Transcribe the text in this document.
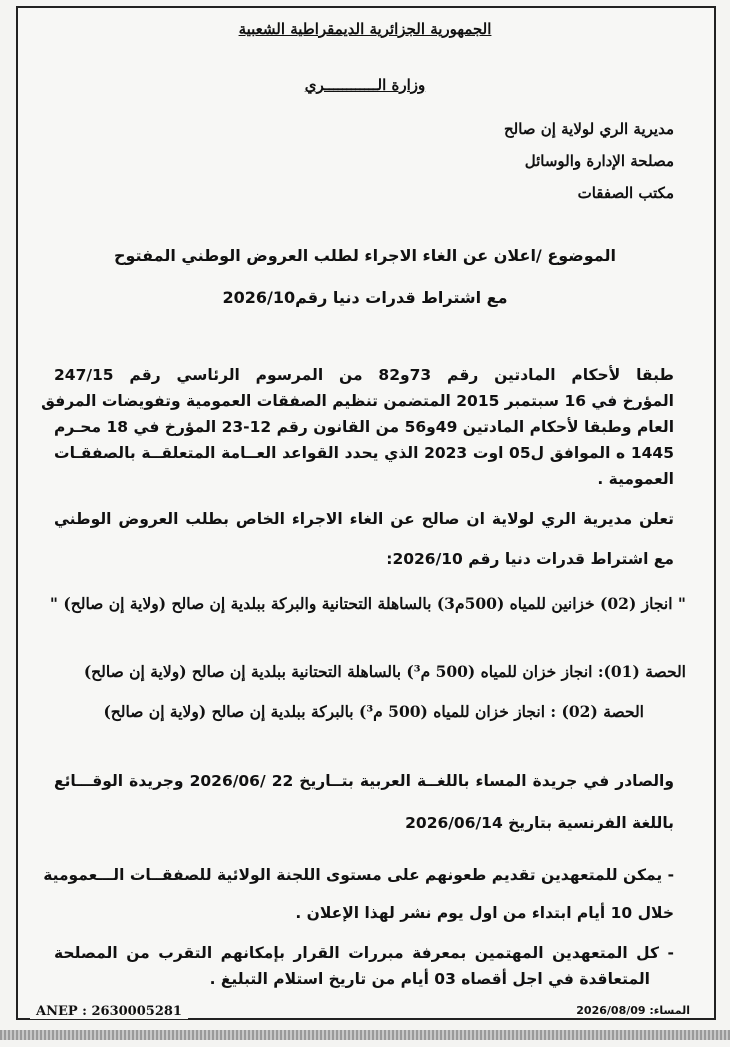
الجمهورية الجزائرية الديمقراطية الشعبية
وزارة الــــــــــــري
مديرية الري لولاية إن صالح
مصلحة الإدارة والوسائل
مكتب الصفقات
الموضوع /اعلان عن الغاء الاجراء لطلب العروض الوطني المفتوح
مع اشتراط قدرات دنيا رقم2026/10
طبقا لأحكام المادتين رقم 73و82 من المرسوم الرئاسي رقم 247/15
المؤرخ في 16 سبتمبر 2015 المتضمن تنظيم الصفقات العمومية وتفويضات المرفق
العام وطبقا لأحكام المادتين 49و56 من القانون رقم 12-23 المؤرخ في 18 محـرم
1445 ه الموافق ل05 اوت 2023 الذي يحدد القواعد العــامة المتعلقــة بالصفقـات
العمومية .
تعلن مديرية الري لولاية ان صالح عن الغاء الاجراء الخاص بطلب العروض الوطني
مع اشتراط قدرات دنيا رقم 2026/10:
" انجاز (02) خزانين للمياه (500م3) بالساهلة التحتانية والبركة ببلدية إن صالح (ولاية إن صالح) "
الحصة (01): انجاز خزان للمياه (500 م³) بالساهلة التحتانية ببلدية إن صالح (ولاية إن صالح)
الحصة (02) : انجاز خزان للمياه (500 م³) بالبركة ببلدية إن صالح (ولاية إن صالح)
والصادر في جريدة المساء باللغــة العربية بتــاريخ 22 /2026/06 وجريدة الوقـــائع
باللغة الفرنسية بتاريخ 2026/06/14
- يمكن للمتعهدين تقديم طعونهم على مستوى اللجنة الولائية للصفقــات الـــعمومية
خلال 10 أيام ابتداء من اول يوم نشر لهذا الإعلان .
- كل المتعهدين المهتمين بمعرفة مبررات القرار بإمكانهم التقرب من المصلحة
المتعاقدة في اجل أقصاه 03 أيام من تاريخ استلام التبليغ .
ANEP : 2630005281	المساء: 2026/08/09
